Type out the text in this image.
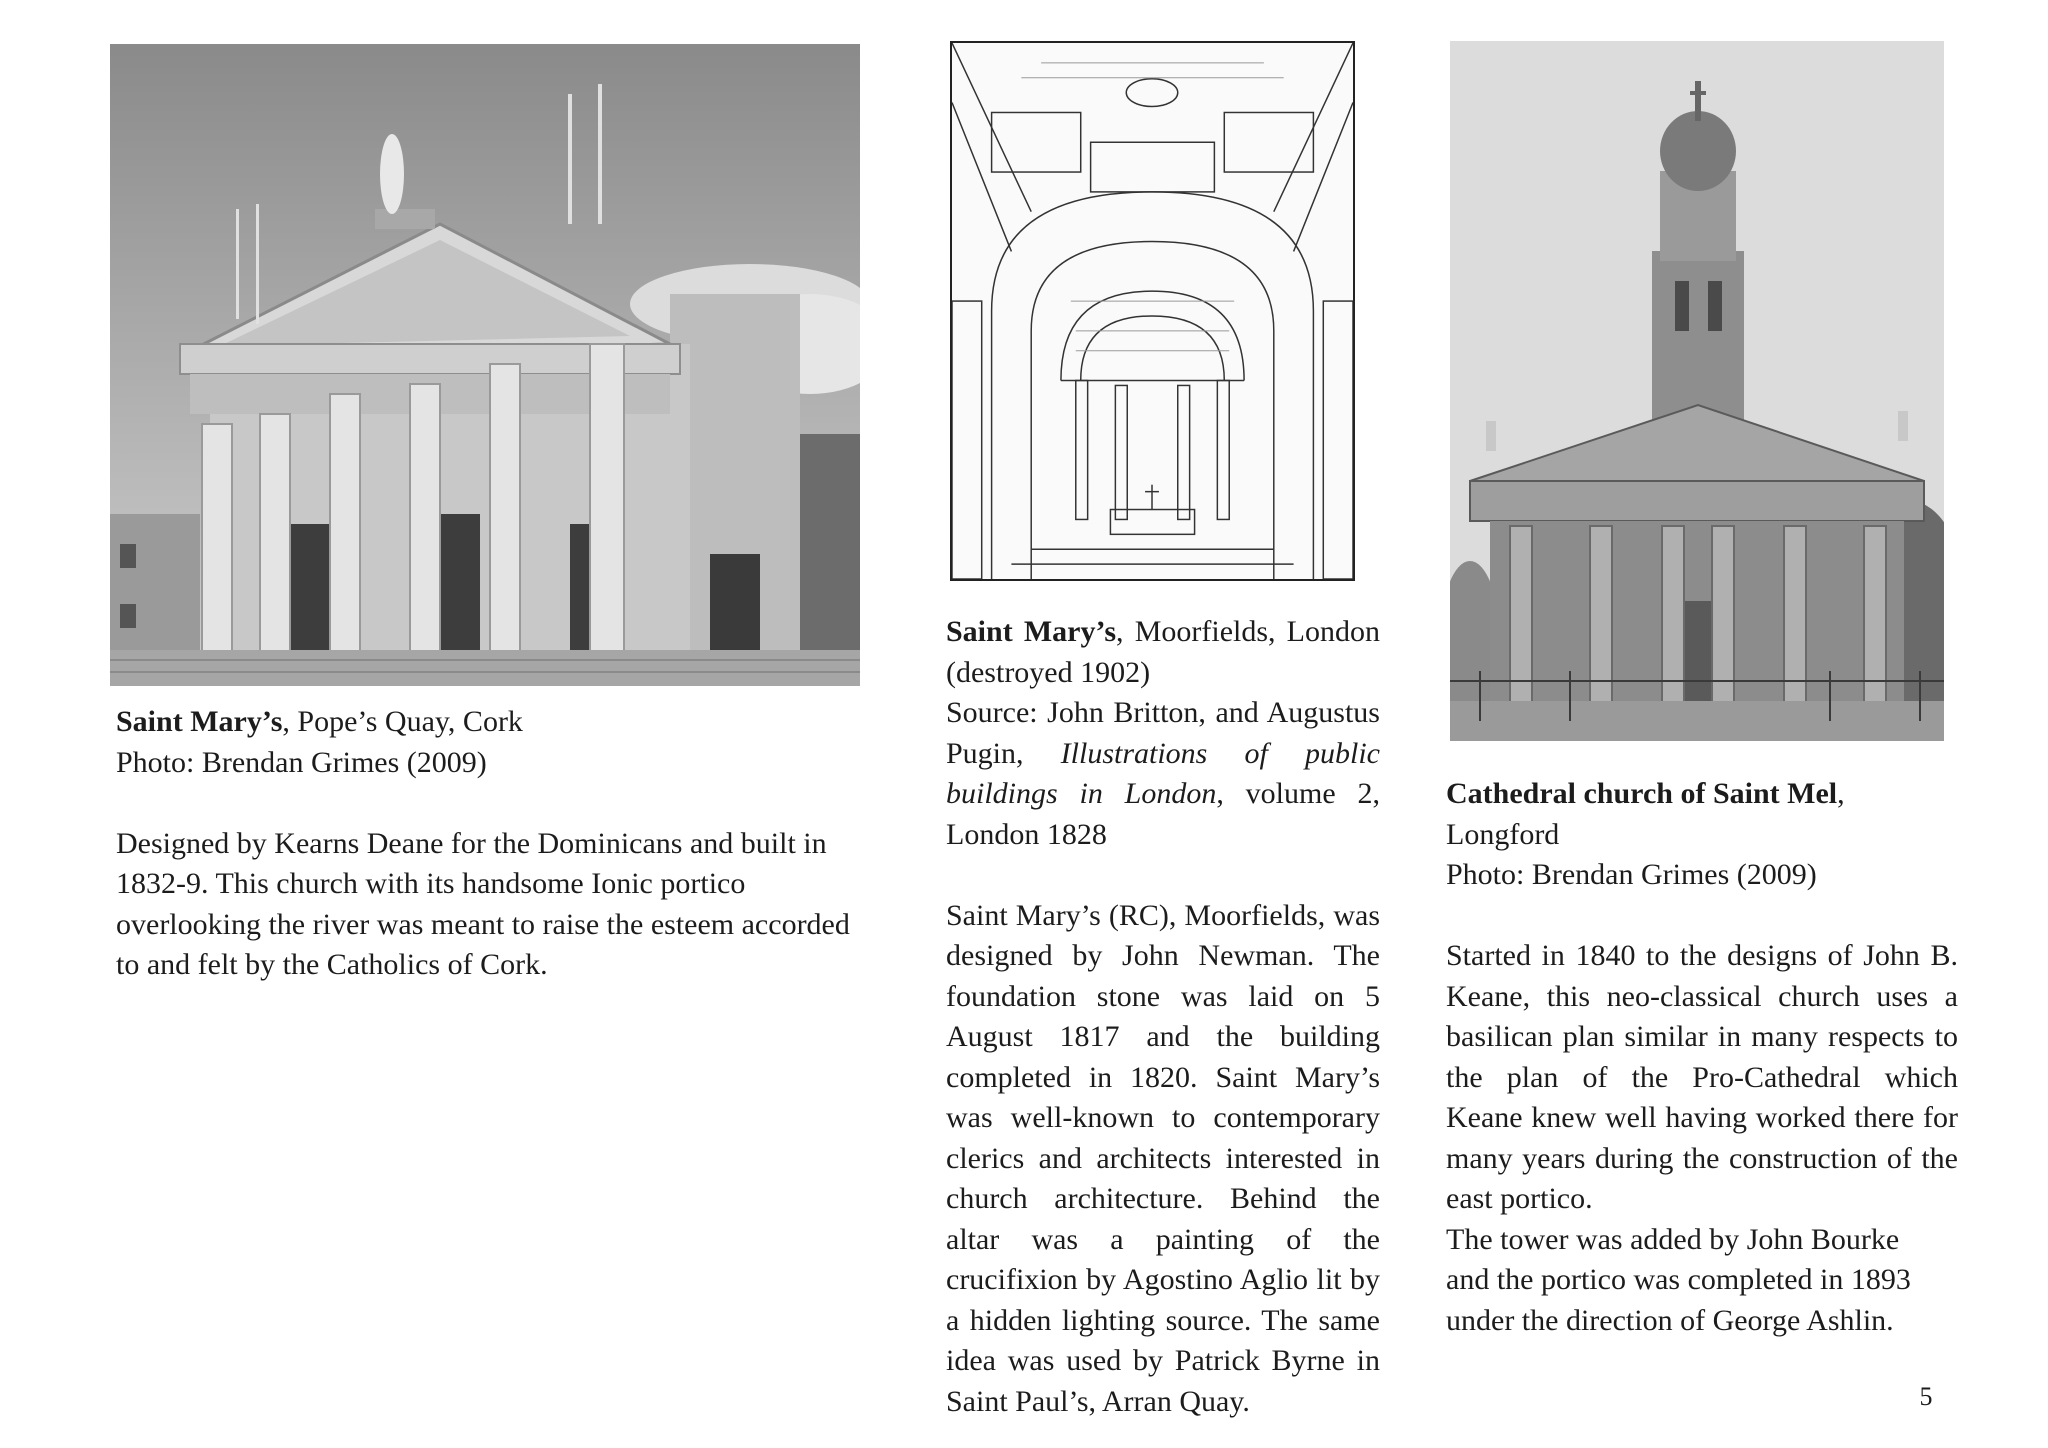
Saint Mary’s, Pope’s Quay, Cork

Photo: Brendan Grimes (2009)

Designed by Kearns Deane for the Dominicans and built in 1832-9. This church with its handsome Ionic portico overlooking the river was meant to raise the esteem accorded to and felt by the Catholics of Cork.

Saint Mary’s, Moorfields, London (destroyed 1902)

Source: John Britton, and Augustus Pugin, Illustrations of public buildings in London, volume 2, London 1828

Saint Mary’s (RC), Moorfields, was designed by John Newman. The foundation stone was laid on 5 August 1817 and the building completed in 1820. Saint Mary’s was well-known to contemporary clerics and architects interested in church architecture. Behind the altar was a painting of the crucifixion by Agostino Aglio lit by a hidden lighting source. The same idea was used by Patrick Byrne in Saint Paul’s, Arran Quay.

Cathedral church of Saint Mel, Longford

Photo: Brendan Grimes (2009)

Started in 1840 to the designs of John B. Keane, this neo-classical church uses a basilican plan similar in many respects to the plan of the Pro-Cathedral which Keane knew well having worked there for many years during the construction of the east portico.

The tower was added by John Bourke and the portico was completed in 1893 under the direction of George Ashlin.

5
